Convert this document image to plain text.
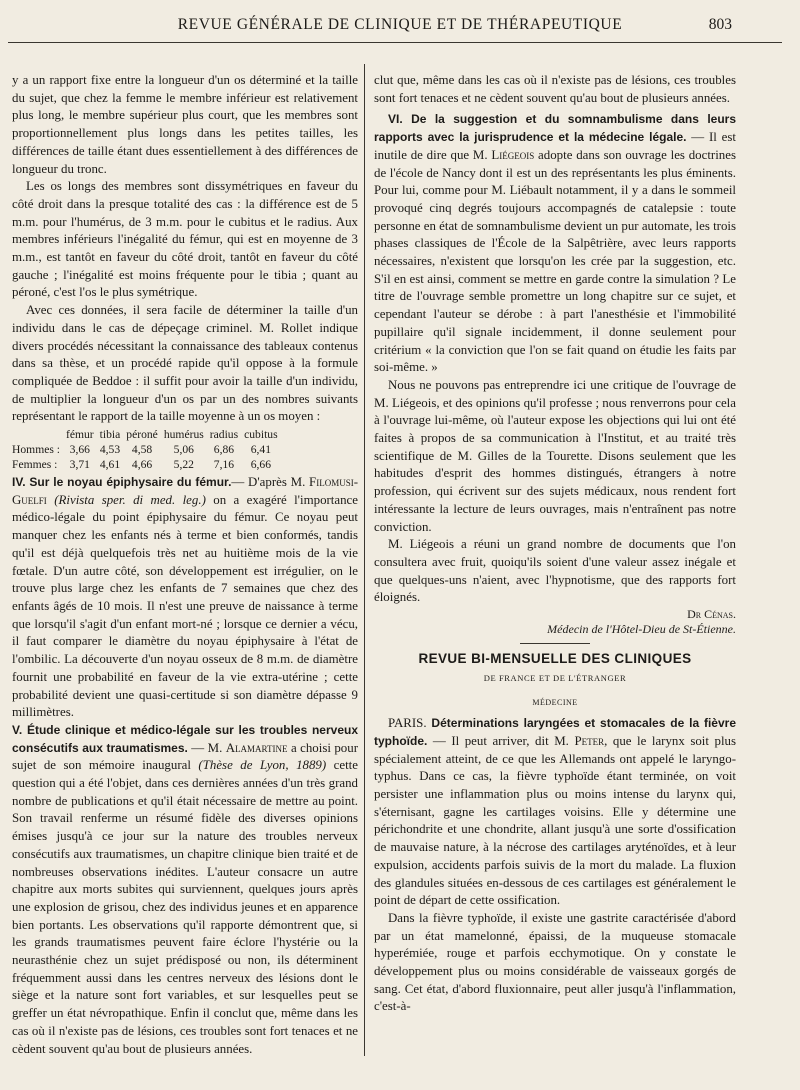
REVUE GÉNÉRALE DE CLINIQUE ET DE THÉRAPEUTIQUE	803

y a un rapport fixe entre la longueur d'un os déterminé et la taille du sujet, que chez la femme le membre inférieur est relativement plus long, le membre supérieur plus court, que les membres sont proportionnellement plus longs dans les petites tailles, les différences de taille étant dues essentiellement à des différences de longueur du tronc.

Les os longs des membres sont dissymétriques en faveur du côté droit dans la presque totalité des cas : la différence est de 5 m.m. pour l'humérus, de 3 m.m. pour le cubitus et le radius. Aux membres inférieurs l'inégalité du fémur, qui est en moyenne de 3 m.m., est tantôt en faveur du côté droit, tantôt en faveur du côté gauche ; l'inégalité est moins fréquente pour le tibia ; quant au péroné, c'est l'os le plus symétrique.

Avec ces données, il sera facile de déterminer la taille d'un individu dans le cas de dépeçage criminel. M. Rollet indique divers procédés nécessitant la connaissance des tableaux contenus dans sa thèse, et un procédé rapide qu'il oppose à la formule compliquée de Beddoe : il suffit pour avoir la taille d'un individu, de multiplier la longueur d'un os par un des nombres suivants représentant le rapport de la taille moyenne à un os moyen :

	fémur	tibia	péroné	humérus	radius	cubitus
Hommes :	3,66	4,53	4,58	5,06	6,86	6,41
Femmes :	3,71	4,61	4,66	5,22	7,16	6,66

IV. Sur le noyau épiphysaire du fémur.— D'après M. Filomusi-Guelfi (Rivista sper. di med. leg.) on a exagéré l'importance médico-légale du point épiphysaire du fémur. Ce noyau peut manquer chez les enfants nés à terme et bien conformés, tandis qu'il est déjà quelquefois très net au huitième mois de la vie fœtale. D'un autre côté, son développement est irrégulier, on le trouve plus large chez les enfants de 7 semaines que chez des enfants âgés de 10 mois. Il n'est une preuve de naissance à terme que lorsqu'il s'agit d'un enfant mort-né ; lorsque ce dernier a vécu, il faut comparer le diamètre du noyau épiphysaire à l'état de l'ombilic. La découverte d'un noyau osseux de 8 m.m. de diamètre fournit une probabilité en faveur de la vie extra-utérine ; cette probabilité devient une quasi-certitude si son diamètre dépasse 9 millimètres.

V. Étude clinique et médico-légale sur les troubles nerveux consécutifs aux traumatismes. — M. Alamartine a choisi pour sujet de son mémoire inaugural (Thèse de Lyon, 1889) cette question qui a été l'objet, dans ces dernières années d'un très grand nombre de publications et qu'il était nécessaire de mettre au point. Son travail renferme un résumé fidèle des diverses opinions émises jusqu'à ce jour sur la nature des troubles nerveux consécutifs aux traumatismes, un chapitre clinique bien traité et de nombreuses observations inédites. L'auteur consacre un autre chapitre aux morts subites qui surviennent, quelques jours après une explosion de grisou, chez des individus jeunes et en apparence bien portants. Les observations qu'il rapporte démontrent que, si les grands traumatismes peuvent faire éclore l'hystérie ou la neurasthénie chez un sujet prédisposé ou non, ils déterminent fréquemment aussi dans les centres nerveux des lésions dont le siège et la nature sont fort variables, et sur lesquelles peut se greffer un état névropathique. Enfin il conclut que, même dans les cas où il n'existe pas de lésions, ces troubles sont fort tenaces et ne cèdent souvent qu'au bout de plusieurs années.

clut que, même dans les cas où il n'existe pas de lésions, ces troubles sont fort tenaces et ne cèdent souvent qu'au bout de plusieurs années.

VI. De la suggestion et du somnambulisme dans leurs rapports avec la jurisprudence et la médecine légale. — Il est inutile de dire que M. Liégeois adopte dans son ouvrage les doctrines de l'école de Nancy dont il est un des représentants les plus éminents. Pour lui, comme pour M. Liébault notamment, il y a dans le sommeil provoqué cinq degrés toujours accompagnés de catalepsie : toute personne en état de somnambulisme devient un pur automate, les trois phases classiques de l'École de la Salpêtrière, avec leurs rapports nécessaires, n'existent que lorsqu'on les crée par la suggestion, etc. S'il en est ainsi, comment se mettre en garde contre la simulation ? Le titre de l'ouvrage semble promettre un long chapitre sur ce sujet, et cependant l'auteur se dérobe : à part l'anesthésie et l'immobilité pupillaire qu'il signale incidemment, il donne seulement pour critérium « la conviction que l'on se fait quand on étudie les faits par soi-même. »

Nous ne pouvons pas entreprendre ici une critique de l'ouvrage de M. Liégeois, et des opinions qu'il professe ; nous renverrons pour cela à l'ouvrage lui-même, où l'auteur expose les objections qui lui ont été faites à propos de sa communication à l'Institut, et au traité très scientifique de M. Gilles de la Tourette. Disons seulement que les habitudes d'esprit des hommes distingués, étrangers à notre profession, qui écrivent sur des sujets médicaux, nous rendent fort intéressante la lecture de leurs ouvrages, mais n'entraînent pas notre conviction.

M. Liégeois a réuni un grand nombre de documents que l'on consultera avec fruit, quoiqu'ils soient d'une valeur assez inégale et que quelques-uns n'aient, avec l'hypnotisme, que des rapports fort éloignés.

Dr Cénas.
Médecin de l'Hôtel-Dieu de St-Étienne.
REVUE BI-MENSUELLE DES CLINIQUES
DE FRANCE ET DE L'ÉTRANGER
MÉDECINE

PARIS. Déterminations laryngées et stomacales de la fièvre typhoïde. — Il peut arriver, dit M. Peter, que le larynx soit plus spécialement atteint, de ce que les Allemands ont appelé le laryngo-typhus. Dans ce cas, la fièvre typhoïde étant terminée, on voit persister une inflammation plus ou moins intense du larynx qui, s'éternisant, gagne les cartilages voisins. Elle y détermine une périchondrite et une chondrite, allant jusqu'à une sorte d'ossification de mauvaise nature, à la nécrose des cartilages aryténoïdes, et à leur expulsion, accidents parfois suivis de la mort du malade. La fluxion des glandules situées en-dessous de ces cartilages est généralement le point de départ de cette ossification.

Dans la fièvre typhoïde, il existe une gastrite caractérisée d'abord par un état mamelonné, épaissi, de la muqueuse stomacale hyperémiée, rouge et parfois ecchymotique. On y constate le développement plus ou moins considérable de vaisseaux gorgés de sang. Cet état, d'abord fluxionnaire, peut aller jusqu'à l'inflammation, c'est-à-
